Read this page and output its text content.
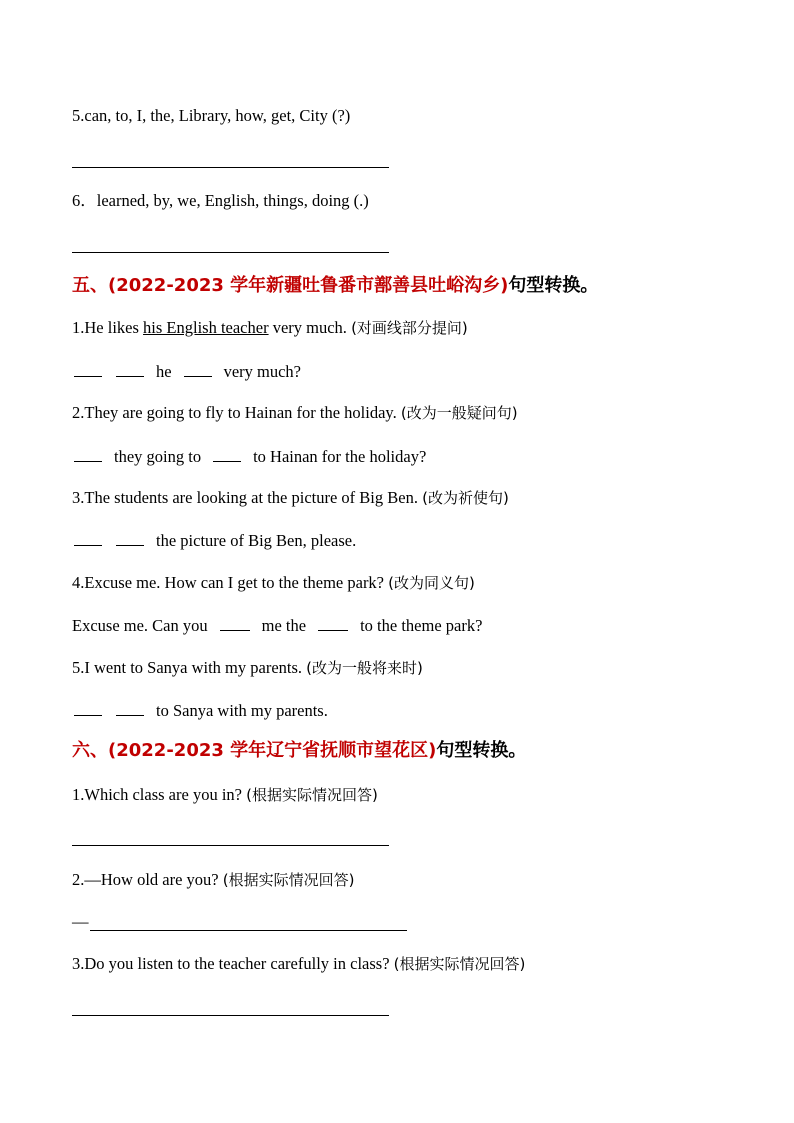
5.can, to, I, the, Library, how, get, City (?)
6．learned, by, we, English, things, doing (.)
五、(2022-2023 学年新疆吐鲁番市鄯善县吐峪沟乡)句型转换。
1.He likes his English teacher very much. (对画线部分提问)
he	very much?
2.They are going to fly to Hainan for the holiday. (改为一般疑问句)
they going to	to Hainan for the holiday?
3.The students are looking at the picture of Big Ben. (改为祈使句)
the picture of Big Ben, please.
4.Excuse me. How can I get to the theme park? (改为同义句)
Excuse me. Can you	me the	to the theme park?
5.I went to Sanya with my parents. (改为一般将来时)
to Sanya with my parents.
六、(2022-2023 学年辽宁省抚顺市望花区)句型转换。
1.Which class are you in? (根据实际情况回答)
2.—How old are you? (根据实际情况回答)
—
3.Do you listen to the teacher carefully in class? (根据实际情况回答)
